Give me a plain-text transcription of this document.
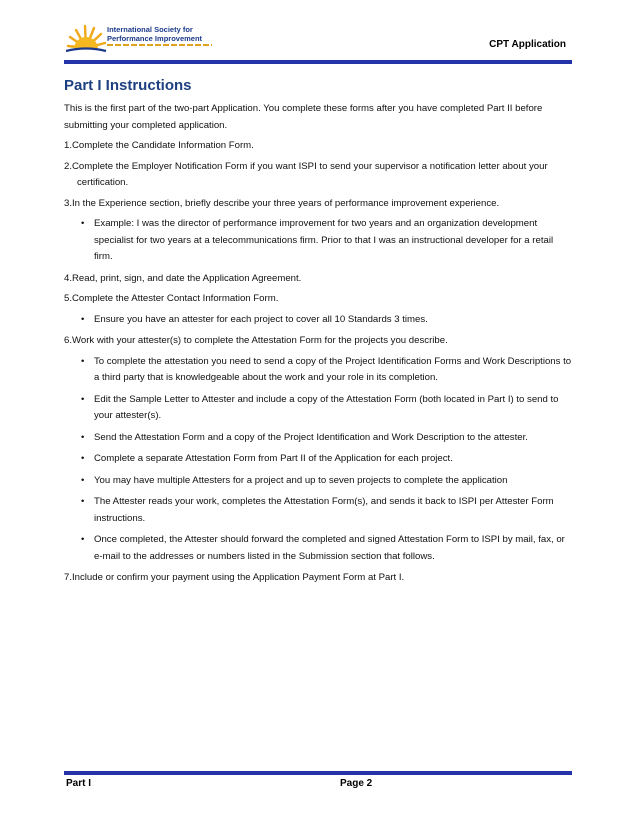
International Society for
Performance Improvement
CPT Application
Part I Instructions
This is the first part of the two-part Application. You complete these forms after you have completed Part II before submitting your completed application.
1.Complete the Candidate Information Form.
2.Complete the Employer Notification Form if you want ISPI to send your supervisor a notification letter about your certification.
3.In the Experience section, briefly describe your three years of performance improvement experience.
• Example: I was the director of performance improvement for two years and an organization development specialist for two years at a telecommunications firm. Prior to that I was an instructional developer for a retail firm.
4.Read, print, sign, and date the Application Agreement.
5.Complete the Attester Contact Information Form.
• Ensure you have an attester for each project to cover all 10 Standards 3 times.
6.Work with your attester(s) to complete the Attestation Form for the projects you describe.
• To complete the attestation you need to send a copy of the Project Identification Forms and Work Descriptions to a third party that is knowledgeable about the work and your role in its completion.
• Edit the Sample Letter to Attester and include a copy of the Attestation Form (both located in Part I) to send to your attester(s).
• Send the Attestation Form and a copy of the Project Identification and Work Description to the attester.
• Complete a separate Attestation Form from Part II of the Application for each project.
• You may have multiple Attesters for a project and up to seven projects to complete the application
• The Attester reads your work, completes the Attestation Form(s), and sends it back to ISPI per Attester Form instructions.
• Once completed, the Attester should forward the completed and signed Attestation Form to ISPI by mail, fax, or e-mail to the addresses or numbers listed in the Submission section that follows.
7.Include or confirm your payment using the Application Payment Form at Part I.
Part I	Page 2
